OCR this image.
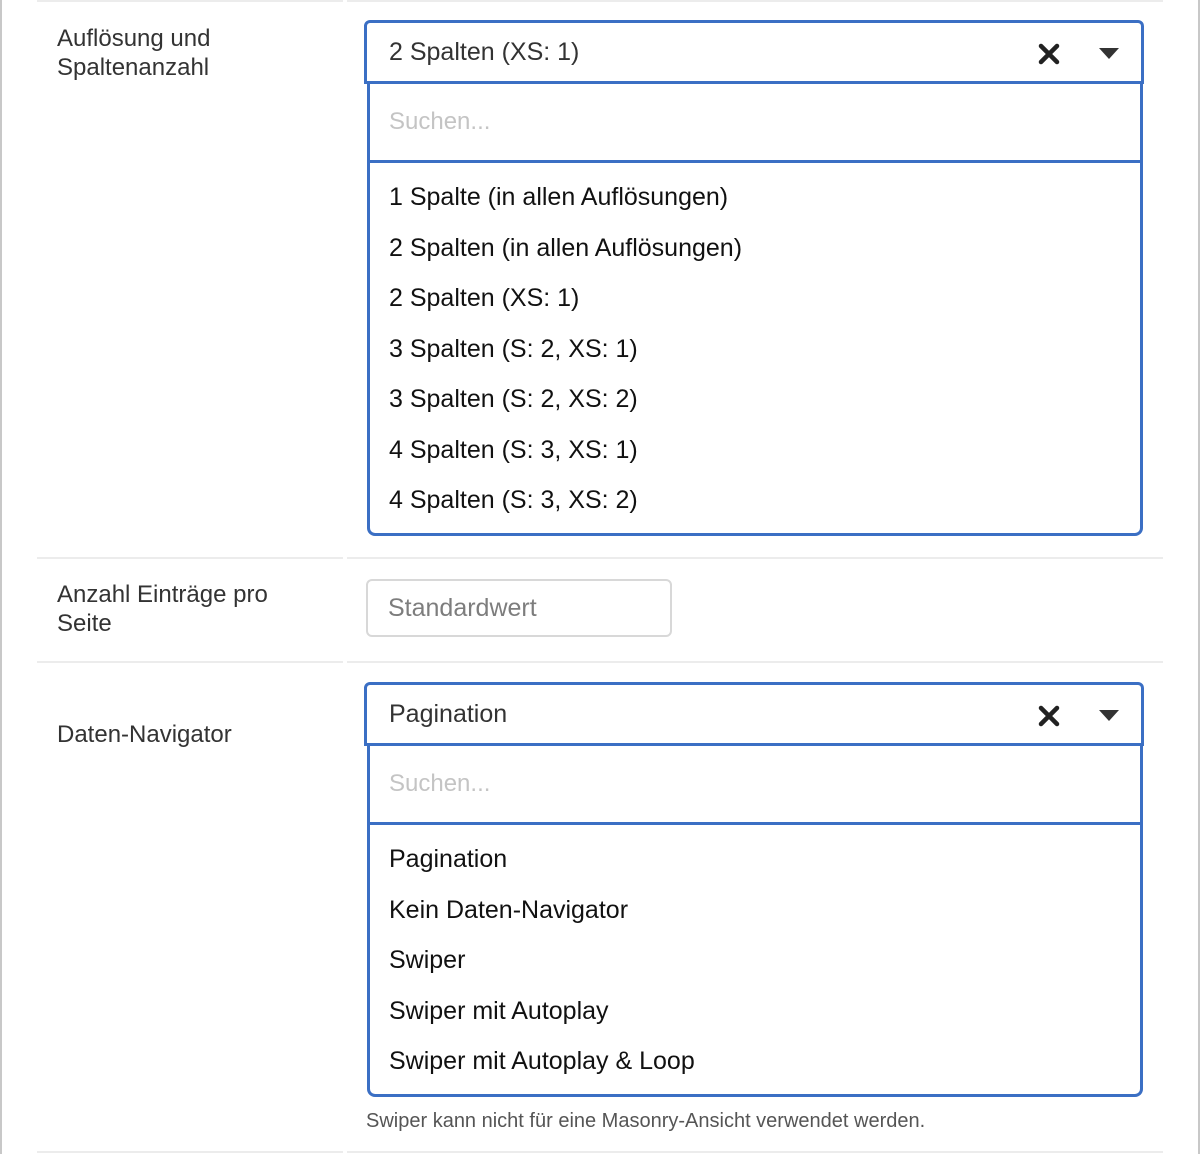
Auflösung und Spaltenanzahl
2 Spalten (XS: 1)
Suchen...
1 Spalte (in allen Auflösungen)
2 Spalten (in allen Auflösungen)
2 Spalten (XS: 1)
3 Spalten (S: 2, XS: 1)
3 Spalten (S: 2, XS: 2)
4 Spalten (S: 3, XS: 1)
4 Spalten (S: 3, XS: 2)
Anzahl Einträge pro Seite
Standardwert
Daten-Navigator
Pagination
Suchen...
Pagination
Kein Daten-Navigator
Swiper
Swiper mit Autoplay
Swiper mit Autoplay & Loop
Swiper kann nicht für eine Masonry-Ansicht verwendet werden.
